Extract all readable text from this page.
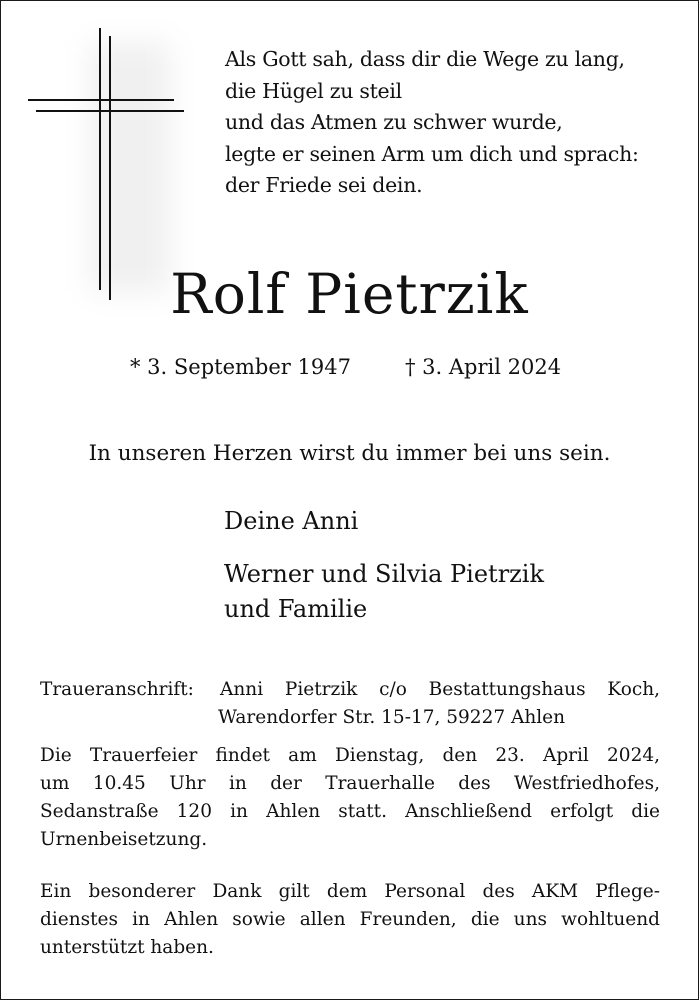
Als Gott sah, dass dir die Wege zu lang,
die Hügel zu steil
und das Atmen zu schwer wurde,
legte er seinen Arm um dich und sprach:
der Friede sei dein.
Rolf Pietrzik
* 3. September 1947	† 3. April 2024
In unseren Herzen wirst du immer bei uns sein.
Deine Anni
Werner und Silvia Pietrzik
und Familie
Traueranschrift:	Anni Pietrzik c/o Bestattungshaus Koch,
Warendorfer Str. 15-17, 59227 Ahlen
Die Trauerfeier findet am Dienstag, den 23. April 2024,
um 10.45 Uhr in der Trauerhalle des Westfriedhofes,
Sedanstraße 120 in Ahlen statt. Anschließend erfolgt die
Urnenbeisetzung.
Ein besonderer Dank gilt dem Personal des AKM Pflege-
dienstes in Ahlen sowie allen Freunden, die uns wohltuend
unterstützt haben.
